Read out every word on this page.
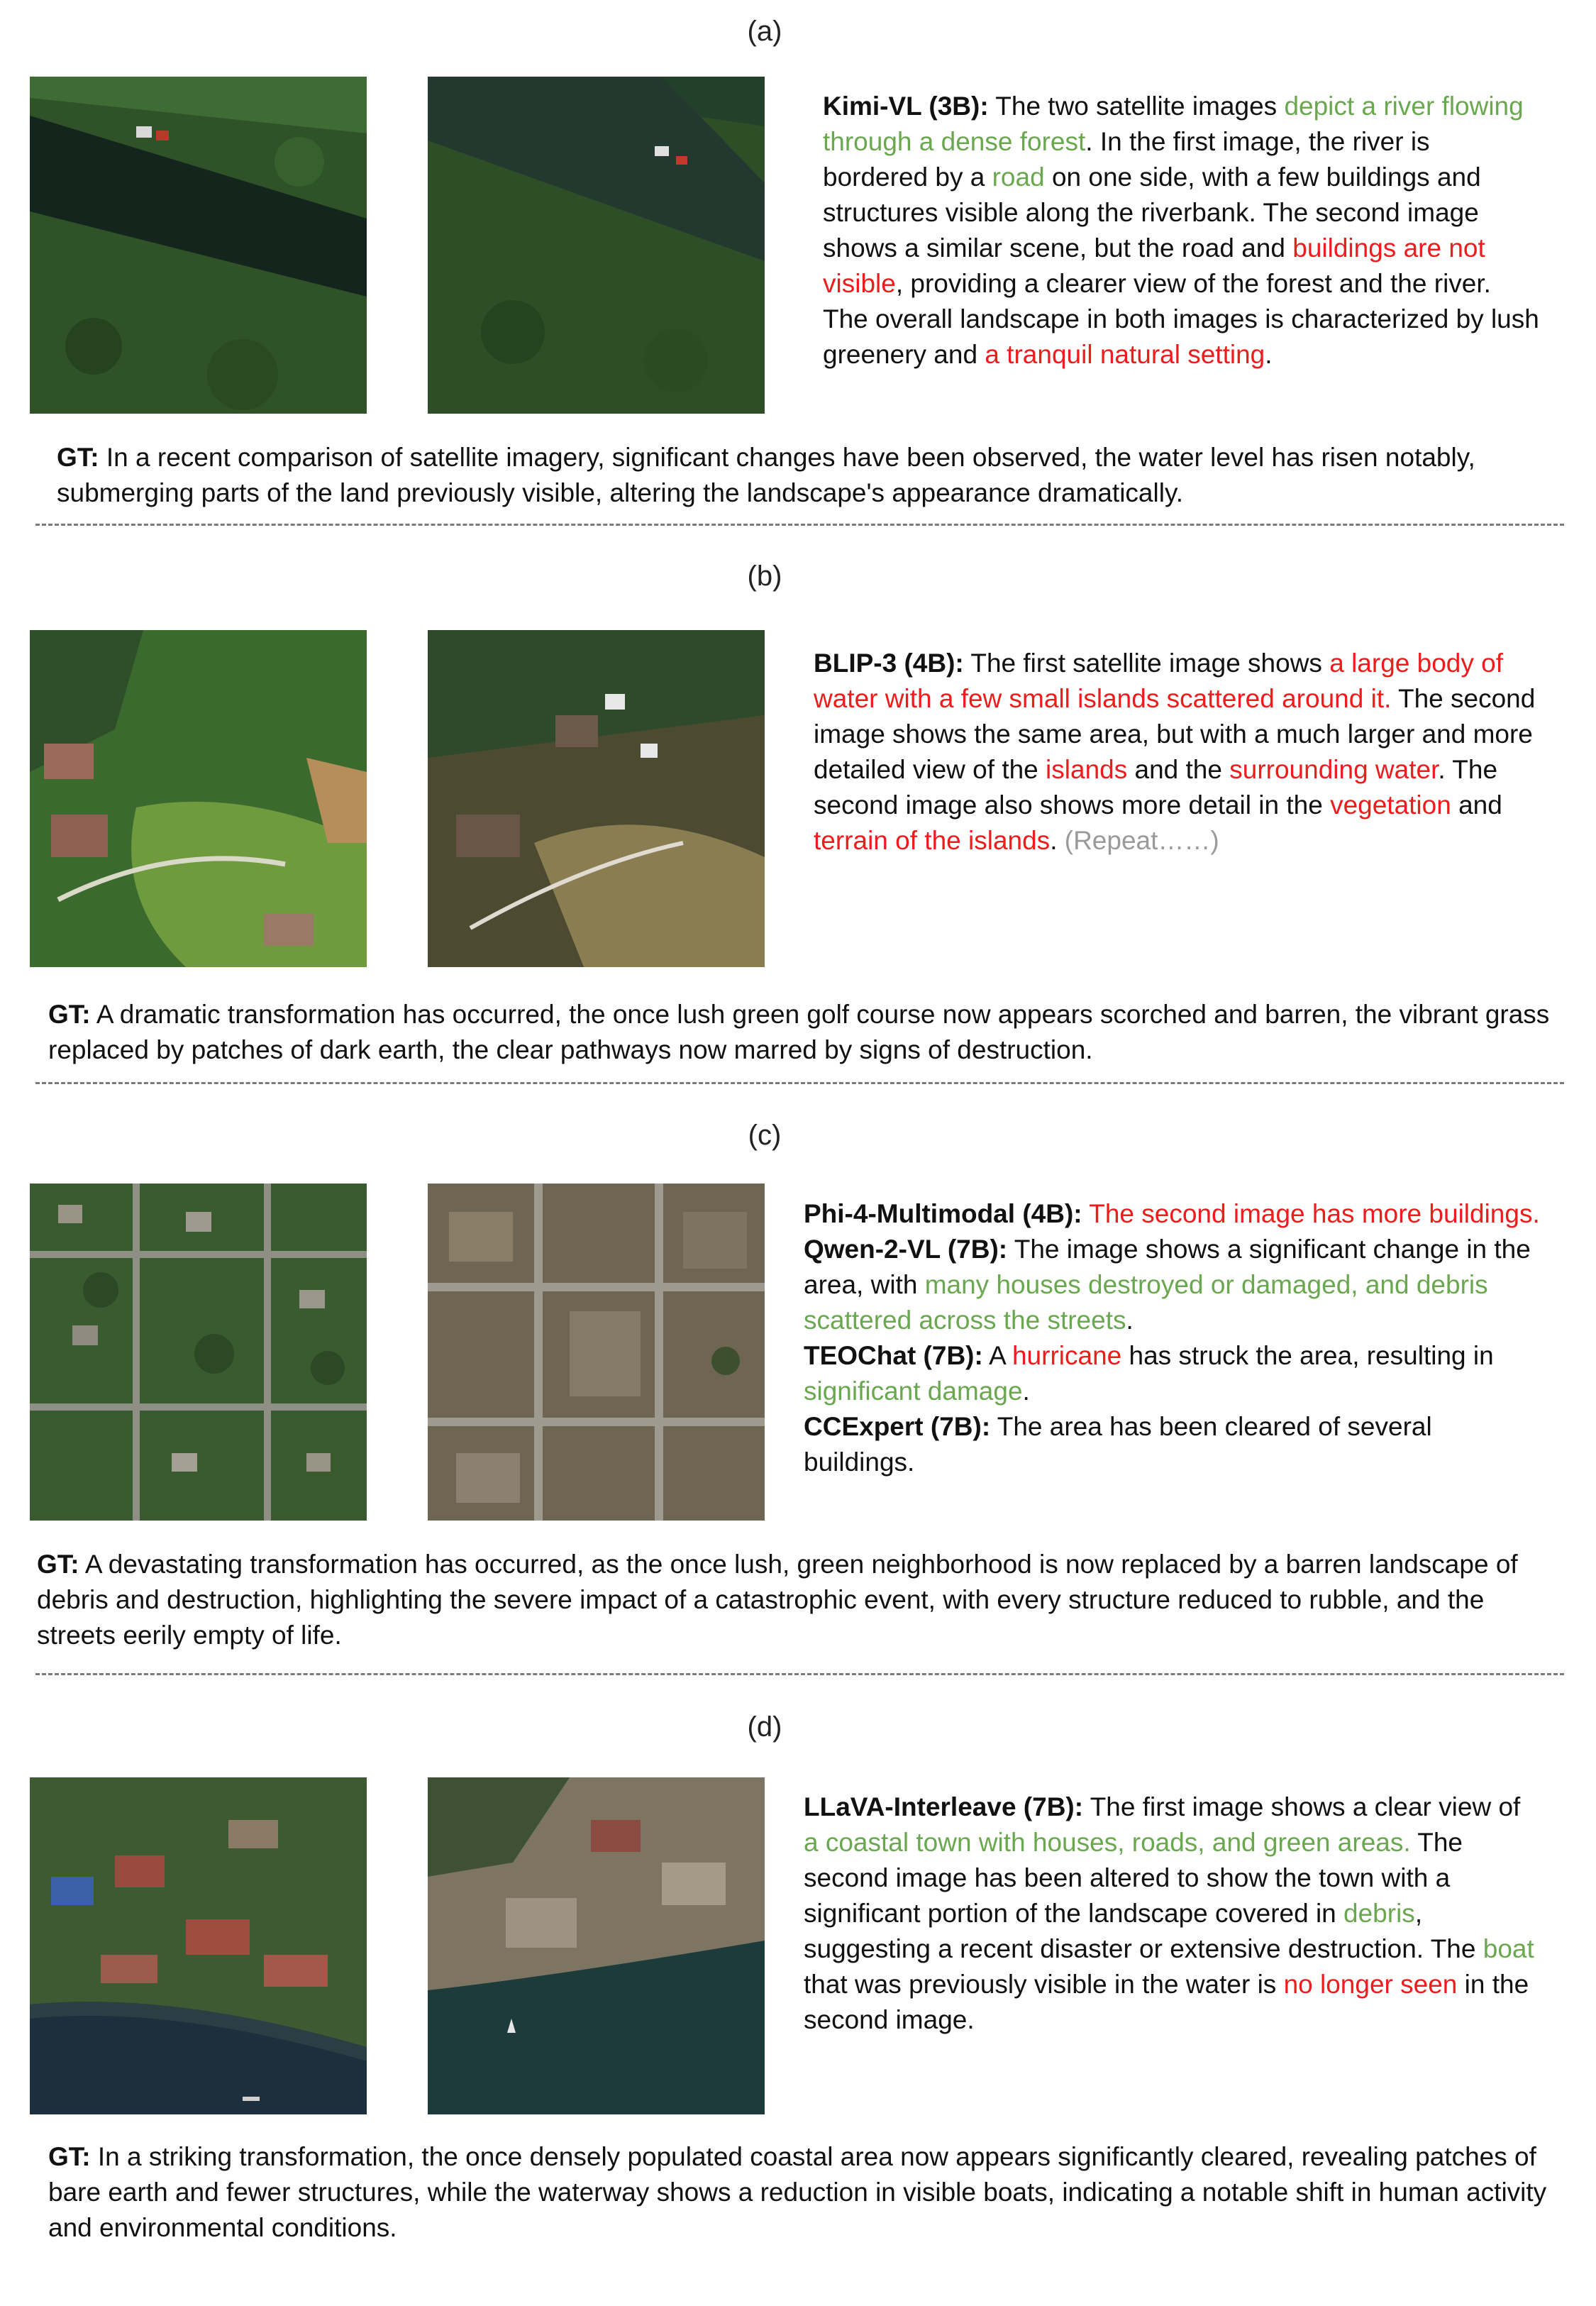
(a)
Kimi-VL (3B): The two satellite images depict a river flowing through a dense forest. In the first image, the river is bordered by a road on one side, with a few buildings and structures visible along the riverbank. The second image shows a similar scene, but the road and buildings are not visible, providing a clearer view of the forest and the river. The overall landscape in both images is characterized by lush greenery and a tranquil natural setting.
GT: In a recent comparison of satellite imagery, significant changes have been observed, the water level has risen notably, submerging parts of the land previously visible, altering the landscape's appearance dramatically.
(b)
BLIP-3 (4B): The first satellite image shows a large body of water with a few small islands scattered around it. The second image shows the same area, but with a much larger and more detailed view of the islands and the surrounding water. The second image also shows more detail in the vegetation and terrain of the islands. (Repeat……)
GT: A dramatic transformation has occurred, the once lush green golf course now appears scorched and barren, the vibrant grass replaced by patches of dark earth, the clear pathways now marred by signs of destruction.
(c)
Phi-4-Multimodal (4B): The second image has more buildings.
Qwen-2-VL (7B): The image shows a significant change in the area, with many houses destroyed or damaged, and debris scattered across the streets.
TEOChat (7B): A hurricane has struck the area, resulting in significant damage.
CCExpert (7B): The area has been cleared of several buildings.
GT: A devastating transformation has occurred, as the once lush, green neighborhood is now replaced by a barren landscape of debris and destruction, highlighting the severe impact of a catastrophic event, with every structure reduced to rubble, and the streets eerily empty of life.
(d)
LLaVA-Interleave (7B): The first image shows a clear view of a coastal town with houses, roads, and green areas. The second image has been altered to show the town with a significant portion of the landscape covered in debris, suggesting a recent disaster or extensive destruction. The boat that was previously visible in the water is no longer seen in the second image.
GT: In a striking transformation, the once densely populated coastal area now appears significantly cleared, revealing patches of bare earth and fewer structures, while the waterway shows a reduction in visible boats, indicating a notable shift in human activity and environmental conditions.
